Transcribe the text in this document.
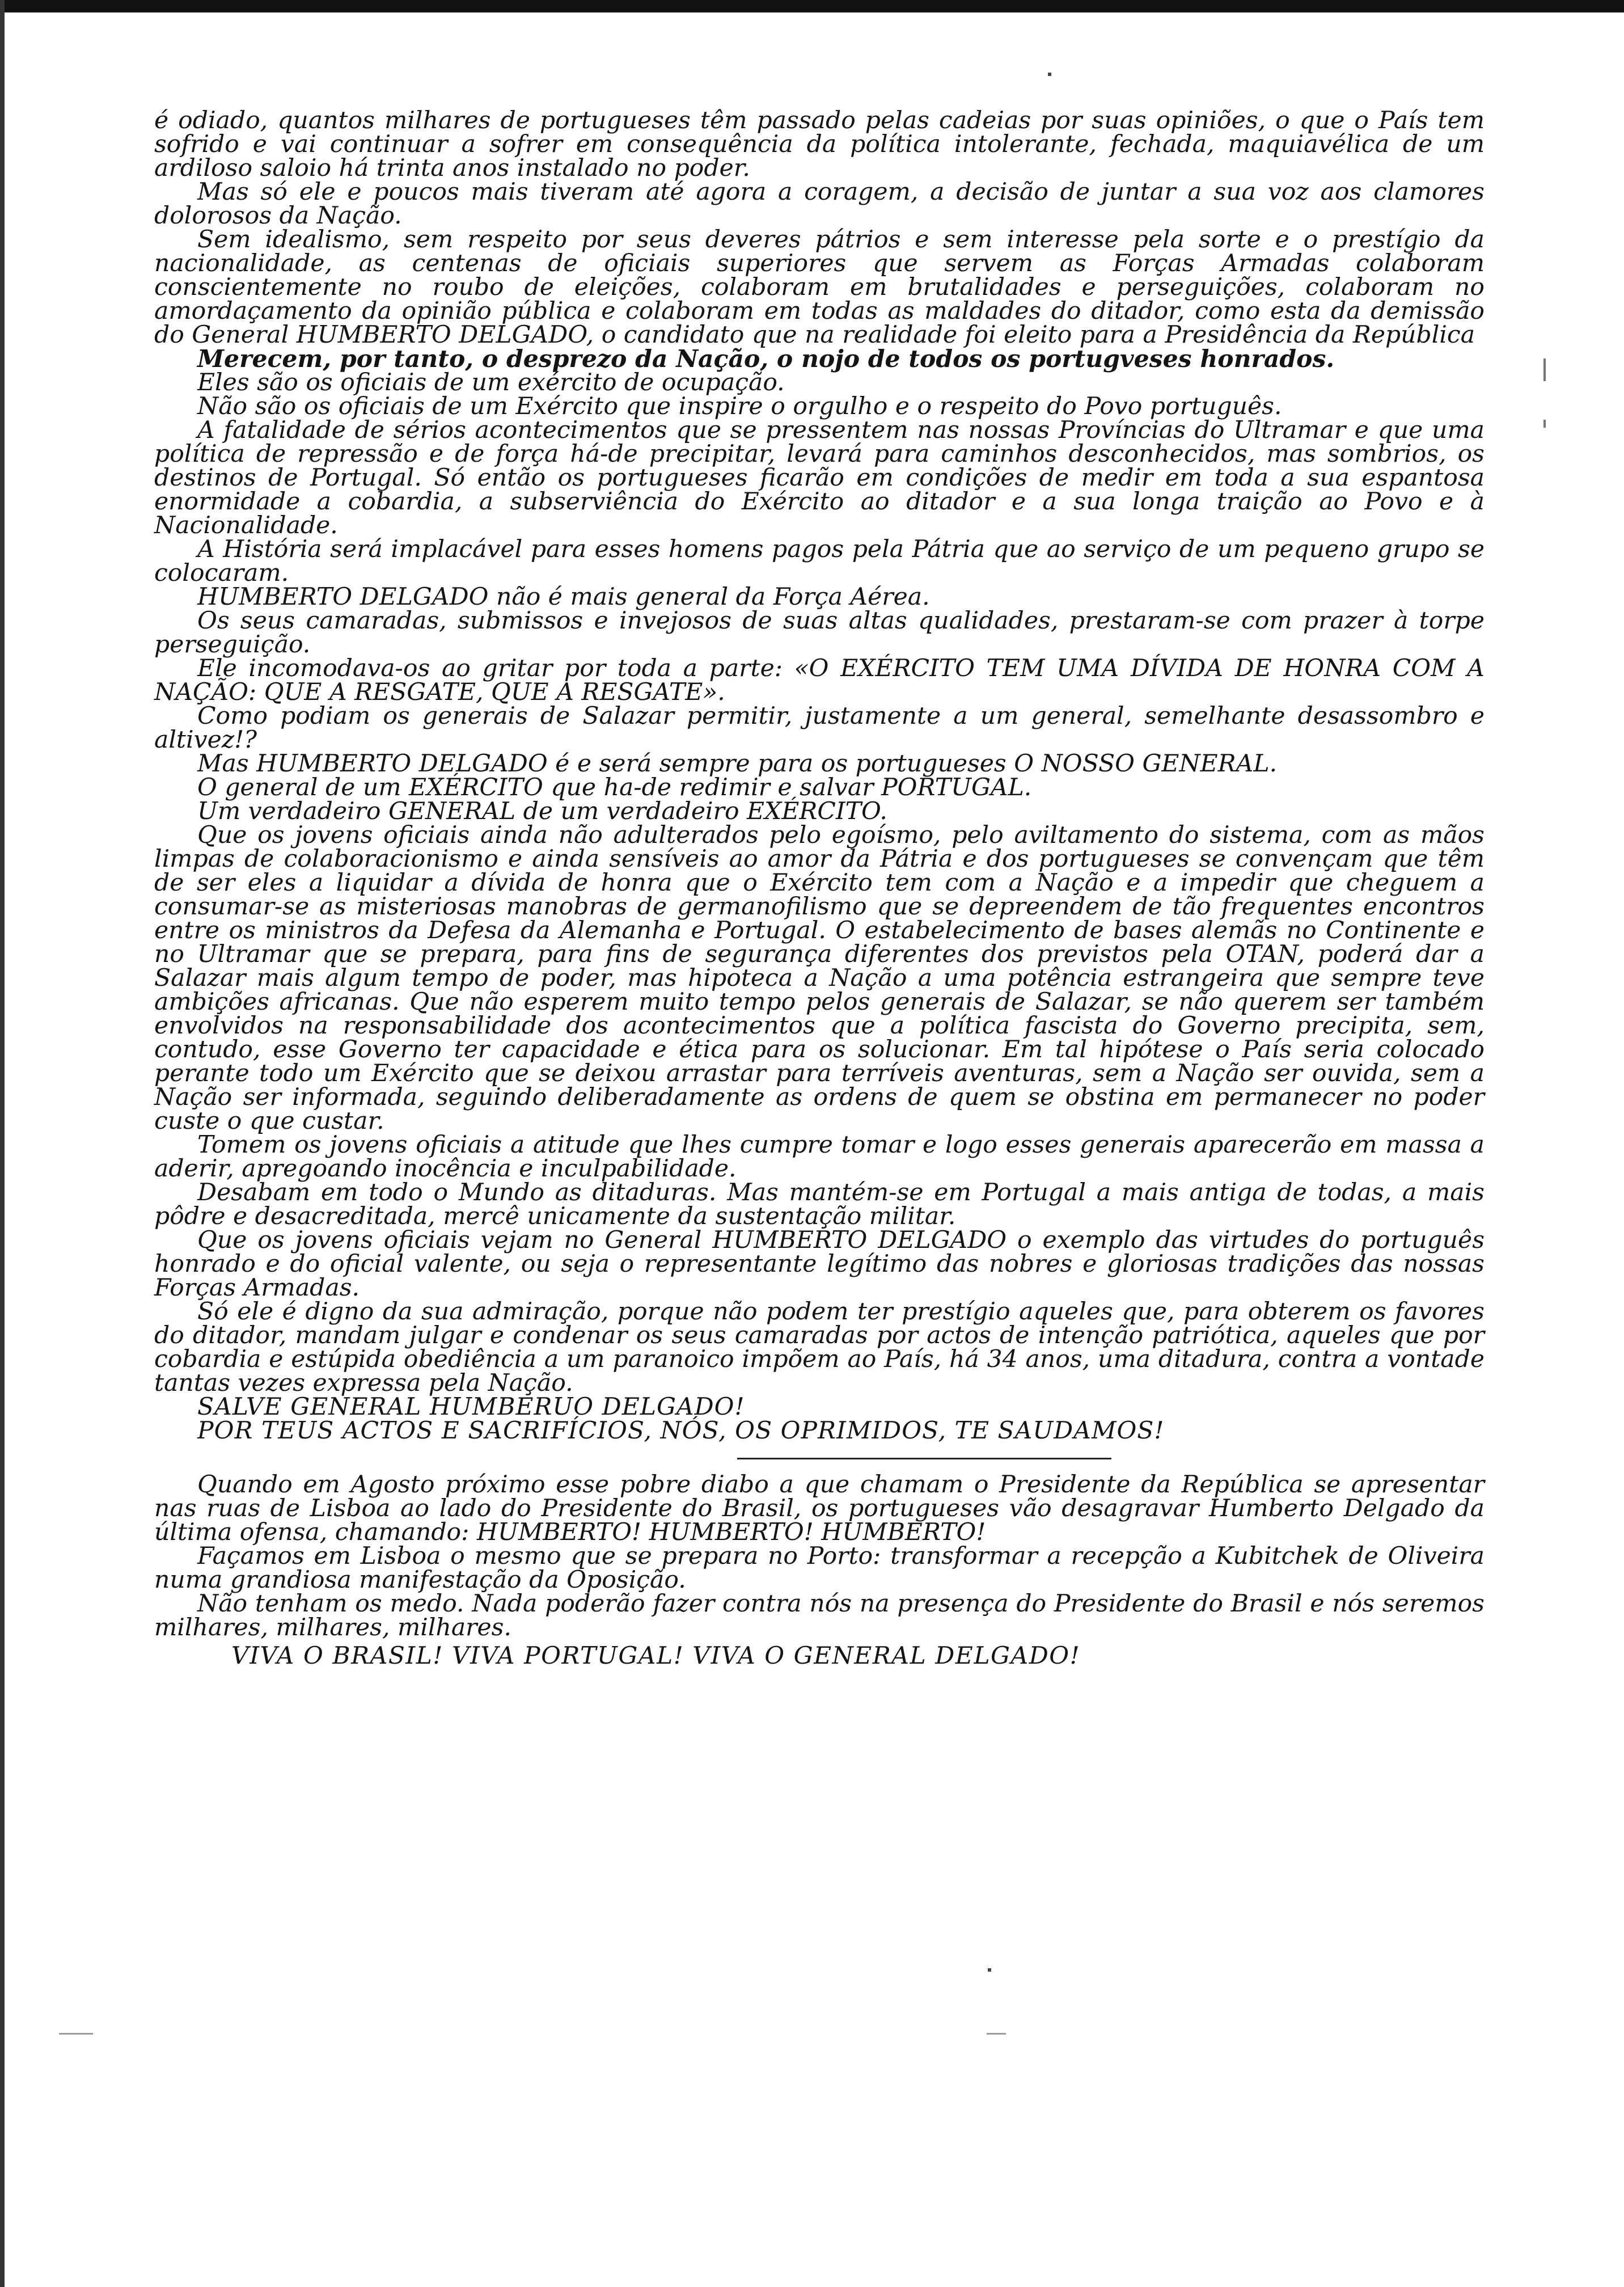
é odiado, quantos milhares de portugueses têm passado pelas cadeias por suas opiniões, o que o País tem sofrido e vai continuar a sofrer em consequência da política intolerante, fechada, maquiavélica de um ardiloso saloio há trinta anos instalado no poder.

Mas só ele e poucos mais tiveram até agora a coragem, a decisão de juntar a sua voz aos clamores dolorosos da Nação.

Sem idealismo, sem respeito por seus deveres pátrios e sem interesse pela sorte e o prestígio da nacionalidade, as centenas de oficiais superiores que servem as Forças Armadas colaboram conscientemente no roubo de eleições, colaboram em brutalidades e perseguições, colaboram no amordaçamento da opinião pública e colaboram em todas as maldades do ditador, como esta da demissão do General HUMBERTO DELGADO, o candidato que na realidade foi eleito para a Presidência da República

Merecem, por tanto, o desprezo da Nação, o nojo de todos os portugveses honrados.

Eles são os oficiais de um exército de ocupação.

Não são os oficiais de um Exército que inspire o orgulho e o respeito do Povo português.

A fatalidade de sérios acontecimentos que se pressentem nas nossas Províncias do Ultramar e que uma política de repressão e de força há-de precipitar, levará para caminhos desconhecidos, mas sombrios, os destinos de Portugal. Só então os portugueses ficarão em condições de medir em toda a sua espantosa enormidade a cobardia, a subserviência do Exército ao ditador e a sua longa traição ao Povo e à Nacionalidade.

A História será implacável para esses homens pagos pela Pátria que ao serviço de um pequeno grupo se colocaram.

HUMBERTO DELGADO não é mais general da Força Aérea.

Os seus camaradas, submissos e invejosos de suas altas qualidades, prestaram-se com prazer à torpe perseguição.

Ele incomodava-os ao gritar por toda a parte: «O EXÉRCITO TEM UMA DÍVIDA DE HONRA COM A NAÇÃO: QUE A RESGATE, QUE A RESGATE».

Como podiam os generais de Salazar permitir, justamente a um general, semelhante desassombro e altivez!?

Mas HUMBERTO DELGADO é e será sempre para os portugueses O NOSSO GENERAL.

O general de um EXÉRCITO que ha-de redimir e salvar PORTUGAL.

Um verdadeiro GENERAL de um verdadeiro EXÉRCITO.

Que os jovens oficiais ainda não adulterados pelo egoísmo, pelo aviltamento do sistema, com as mãos limpas de colaboracionismo e ainda sensíveis ao amor da Pátria e dos portugueses se convençam que têm de ser eles a liquidar a dívida de honra que o Exército tem com a Nação e a impedir que cheguem a consumar-se as misteriosas manobras de germanofilismo que se depreendem de tão frequentes encontros entre os ministros da Defesa da Alemanha e Portugal. O estabelecimento de bases alemãs no Continente e no Ultramar que se prepara, para fins de segurança diferentes dos previstos pela OTAN, poderá dar a Salazar mais algum tempo de poder, mas hipoteca a Nação a uma potência estrangeira que sempre teve ambições africanas. Que não esperem muito tempo pelos generais de Salazar, se não querem ser também envolvidos na responsabilidade dos acontecimentos que a política fascista do Governo precipita, sem, contudo, esse Governo ter capacidade e ética para os solucionar. Em tal hipótese o País seria colocado perante todo um Exército que se deixou arrastar para terríveis aventuras, sem a Nação ser ouvida, sem a Nação ser informada, seguindo deliberadamente as ordens de quem se obstina em permanecer no poder custe o que custar.

Tomem os jovens oficiais a atitude que lhes cumpre tomar e logo esses generais aparecerão em massa a aderir, apregoando inocência e inculpabilidade.

Desabam em todo o Mundo as ditaduras. Mas mantém-se em Portugal a mais antiga de todas, a mais pôdre e desacreditada, mercê unicamente da sustentação militar.

Que os jovens oficiais vejam no General HUMBERTO DELGADO o exemplo das virtudes do português honrado e do oficial valente, ou seja o representante legítimo das nobres e gloriosas tradições das nossas Forças Armadas.

Só ele é digno da sua admiração, porque não podem ter prestígio aqueles que, para obterem os favores do ditador, mandam julgar e condenar os seus camaradas por actos de intenção patriótica, aqueles que por cobardia e estúpida obediência a um paranoico impõem ao País, há 34 anos, uma ditadura, contra a vontade tantas vezes expressa pela Nação.

SALVE GENERAL HUMBERUO DELGADO!

POR TEUS ACTOS E SACRIFÍCIOS, NÓS, OS OPRIMIDOS, TE SAUDAMOS!

Quando em Agosto próximo esse pobre diabo a que chamam o Presidente da República se apresentar nas ruas de Lisboa ao lado do Presidente do Brasil, os portugueses vão desagravar Humberto Delgado da última ofensa, chamando: HUMBERTO! HUMBERTO! HUMBERTO!

Façamos em Lisboa o mesmo que se prepara no Porto: transformar a recepção a Kubitchek de Oliveira numa grandiosa manifestação da Oposição.

Não tenham os medo. Nada poderão fazer contra nós na presença do Presidente do Brasil e nós seremos milhares, milhares, milhares.

VIVA O BRASIL! VIVA PORTUGAL! VIVA O GENERAL DELGADO!
